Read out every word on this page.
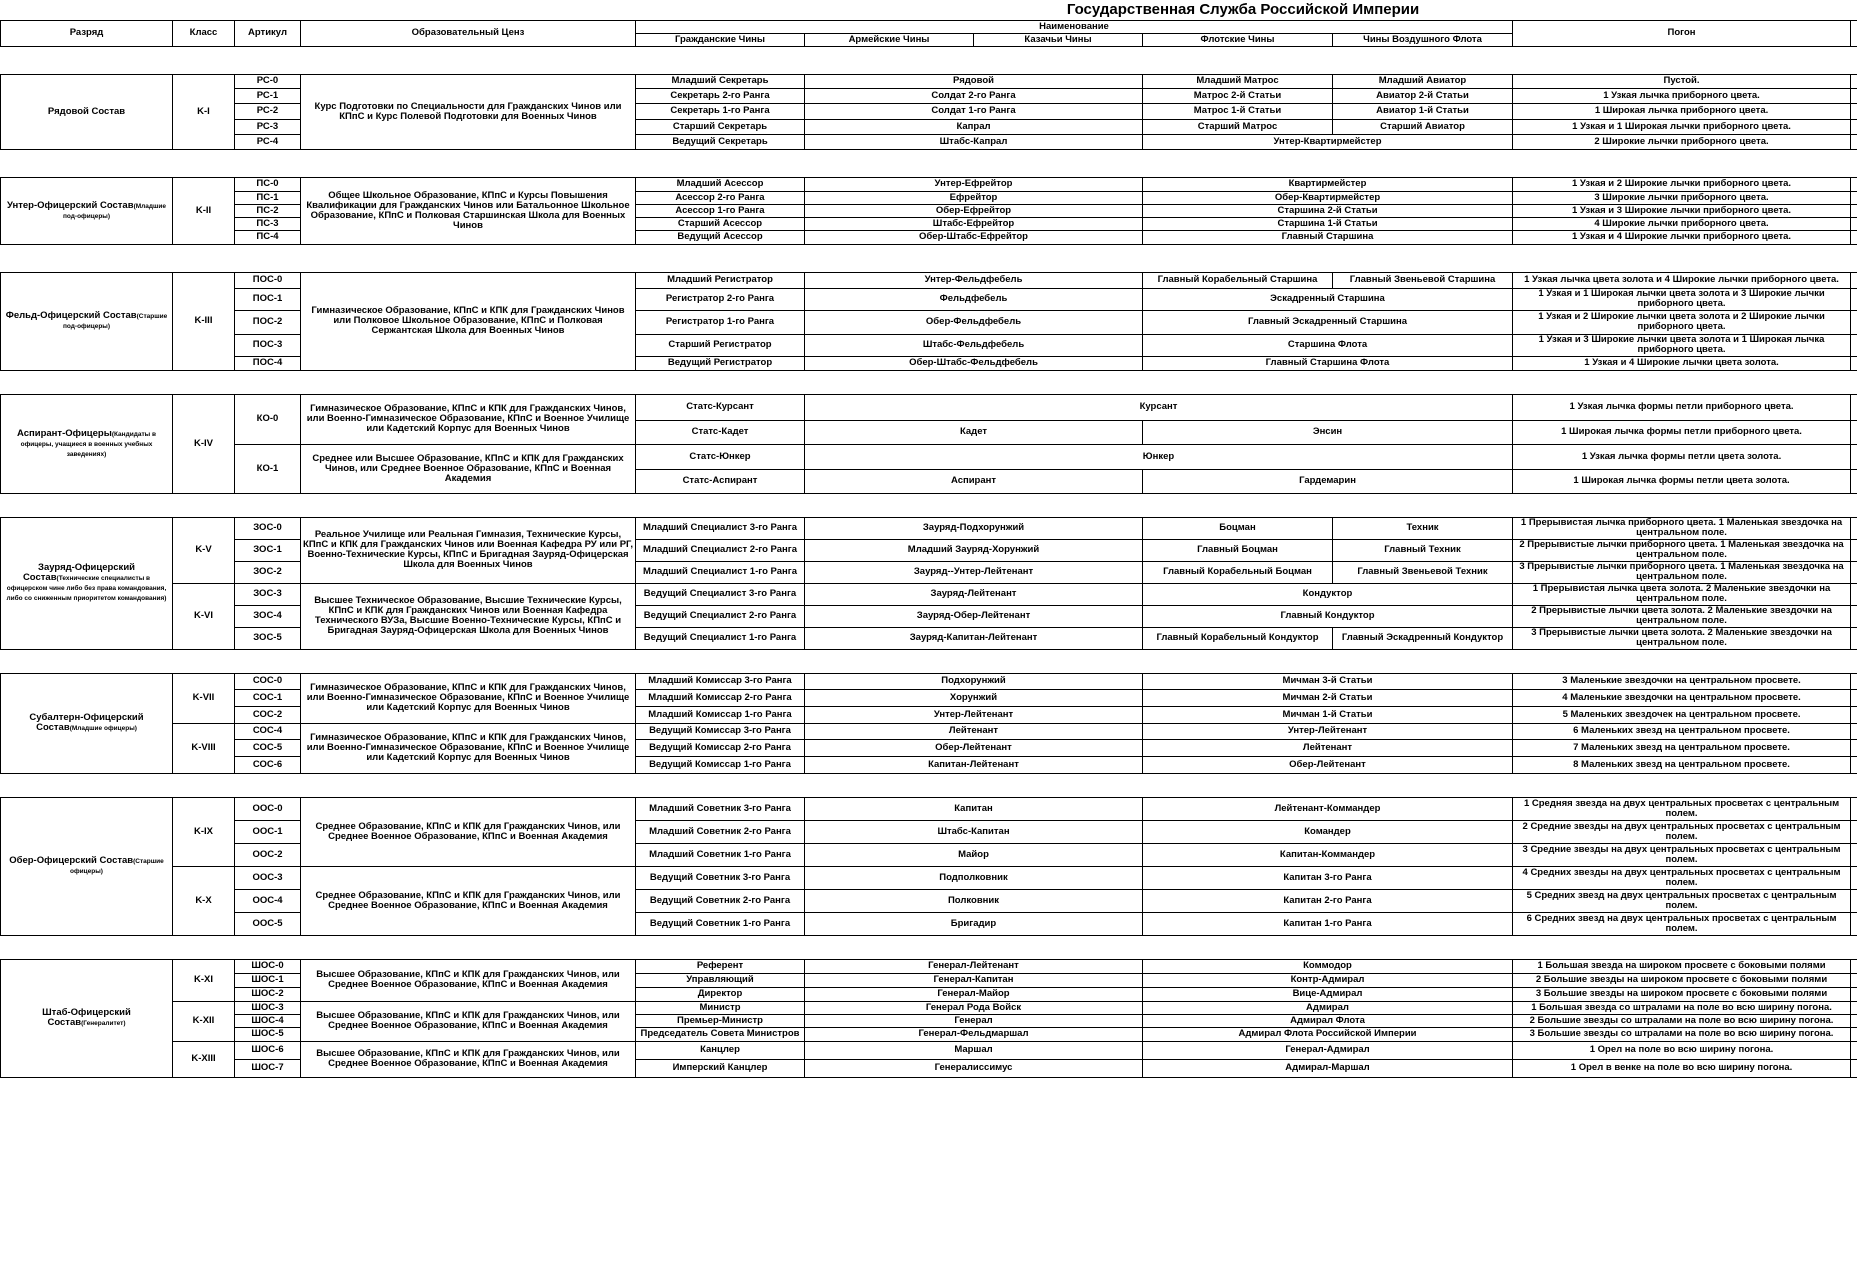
				Государственная Служба Российской Империи						
Разряд	Класс	Артикул	Образовательный Ценз	Наименование					Погон	
				Гражданские Чины	Армейские Чины	Казачьи Чины	Флотские Чины	Чины Воздушного Флота		

Рядовой Состав	K-I	РС-0	Курс Подготовки по Специальности для Гражданских Чинов или КПпС и Курс Полевой Подготовки для Военных Чинов	Младший Секретарь	Рядовой		Младший Матрос	Младший Авиатор	Пустой.	
		РС-1		Секретарь 2-го Ранга	Солдат 2-го Ранга		Матрос 2-й Статьи	Авиатор 2-й Статьи	1 Узкая лычка приборного цвета.	
		РС-2		Секретарь 1-го Ранга	Солдат 1-го Ранга		Матрос 1-й Статьи	Авиатор 1-й Статьи	1 Широкая лычка приборного цвета.	
		РС-3		Старший Секретарь	Капрал		Старший Матрос	Старший Авиатор	1 Узкая и 1 Широкая лычки приборного цвета.	
		РС-4		Ведущий Секретарь	Штабс-Капрал		Унтер-Квартирмейстер		2 Широкие лычки приборного цвета.	

Унтер-Офицерский Состав(Младшие под-офицеры)	K-II	ПС-0	Общее Школьное Образование, КПпС и Курсы Повышения Квалификации для Гражданских Чинов или Батальонное Школьное Образование, КПпС и Полковая Старшинская Школа для Военных Чинов	Младший Асессор	Унтер-Ефрейтор		Квартирмейстер		1 Узкая и 2 Широкие лычки приборного цвета.	
		ПС-1		Асессор 2-го Ранга	Ефрейтор		Обер-Квартирмейстер		3 Широкие лычки приборного цвета.	
		ПС-2		Асессор 1-го Ранга	Обер-Ефрейтор		Старшина 2-й Статьи		1 Узкая и 3 Широкие лычки приборного цвета.	
		ПС-3		Старший Асессор	Штабс-Ефрейтор		Старшина 1-й Статьи		4 Широкие лычки приборного цвета.	
		ПС-4		Ведущий Асессор	Обер-Штабс-Ефрейтор		Главный Старшина		1 Узкая и 4 Широкие лычки приборного цвета.	

Фельд-Офицерский Состав(Старшие под-офицеры)	K-III	ПОС-0	Гимназическое Образование, КПпС и КПК для Гражданских Чинов или Полковое Школьное Образование, КПпС и Полковая Сержантская Школа для Военных Чинов	Младший Регистратор	Унтер-Фельдфебель		Главный Корабельный Старшина	Главный Звеньевой Старшина	1 Узкая лычка цвета золота и 4 Широкие лычки приборного цвета.	
		ПОС-1		Регистратор 2-го Ранга	Фельдфебель		Эскадренный Старшина		1 Узкая и 1 Широкая лычки цвета золота и 3 Широкие лычки приборного цвета.	
		ПОС-2		Регистратор 1-го Ранга	Обер-Фельдфебель		Главный Эскадренный Старшина		1 Узкая и 2 Широкие лычки цвета золота и 2 Широкие лычки приборного цвета.	
		ПОС-3		Старший Регистратор	Штабс-Фельдфебель		Старшина Флота		1 Узкая и 3 Широкие лычки цвета золота и 1 Широкая лычка приборного цвета.	
		ПОС-4		Ведущий Регистратор	Обер-Штабс-Фельдфебель		Главный Старшина Флота		1 Узкая и 4 Широкие лычки цвета золота.	

Аспирант-Офицеры(Кандидаты в офицеры, учащиеся в военных учебных заведениях)	K-IV	КО-0	Гимназическое Образование, КПпС и КПК для Гражданских Чинов, или Военно-Гимназическое Образование, КПпС и Военное Училище или Кадетский Корпус для Военных Чинов	Статс-Курсант	Курсант				1 Узкая лычка формы петли приборного цвета.	
				Статс-Кадет	Кадет		Энсин		1 Широкая лычка формы петли приборного цвета.	
		КО-1	Среднее или Высшее Образование, КПпС и КПК для Гражданских Чинов, или Среднее Военное Образование, КПпС и Военная Академия	Статс-Юнкер	Юнкер				1 Узкая лычка формы петли цвета золота.	
				Статс-Аспирант	Аспирант		Гардемарин		1 Широкая лычка формы петли цвета золота.	

Зауряд-Офицерский Состав(Технические специалисты в офицерском чине либо без права командования, либо со сниженным приоритетом командования)	K-V	ЗОС-0	Реальное Училище или Реальная Гимназия, Технические Курсы, КПпС и КПК для Гражданских Чинов или Военная Кафедра РУ или РГ, Военно-Технические Курсы, КПпС и Бригадная Зауряд-Офицерская Школа для Военных Чинов	Младший Специалист 3-го Ранга	Зауряд-Подхорунжий		Боцман	Техник	1 Прерывистая лычка приборного цвета. 1 Маленькая звездочка на центральном поле.	
		ЗОС-1		Младший Специалист 2-го Ранга	Младший Зауряд-Хорунжий		Главный Боцман	Главный Техник	2 Прерывистые лычки приборного цвета. 1 Маленькая звездочка на центральном поле.	
		ЗОС-2		Младший Специалист 1-го Ранга	Зауряд--Унтер-Лейтенант		Главный Корабельный Боцман	Главный Звеньевой Техник	3 Прерывистые лычки приборного цвета. 1 Маленькая звездочка на центральном поле.	
	K-VI	ЗОС-3	Высшее Техническое Образование, Высшие Технические Курсы, КПпС и КПК для Гражданских Чинов или Военная Кафедра Технического ВУЗа, Высшие Военно-Технические Курсы, КПпС и Бригадная Зауряд-Офицерская Школа для Военных Чинов	Ведущий Специалист 3-го Ранга	Зауряд-Лейтенант		Кондуктор		1 Прерывистая лычка цвета золота. 2 Маленькие звездочки на центральном поле.	
		ЗОС-4		Ведущий Специалист 2-го Ранга	Зауряд-Обер-Лейтенант		Главный Кондуктор		2 Прерывистые лычки цвета золота. 2 Маленькие звездочки на центральном поле.	
		ЗОС-5		Ведущий Специалист 1-го Ранга	Зауряд-Капитан-Лейтенант		Главный Корабельный Кондуктор	Главный Эскадренный Кондуктор	3 Прерывистые лычки цвета золота. 2 Маленькие звездочки на центральном поле.	

Субалтерн-Офицерский Состав(Младшие офицеры)	K-VII	СОС-0	Гимназическое Образование, КПпС и КПК для Гражданских Чинов, или Военно-Гимназическое Образование, КПпС и Военное Училище или Кадетский Корпус для Военных Чинов	Младший Комиссар 3-го Ранга	Подхорунжий		Мичман 3-й Статьи		3 Маленькие звездочки на центральном просвете.	
		СОС-1		Младший Комиссар 2-го Ранга	Хорунжий		Мичман 2-й Статьи		4 Маленькие звездочки на центральном просвете.	
		СОС-2		Младший Комиссар 1-го Ранга	Унтер-Лейтенант		Мичман 1-й Статьи		5 Маленьких звездочек на центральном просвете.	
	K-VIII	СОС-4	Гимназическое Образование, КПпС и КПК для Гражданских Чинов, или Военно-Гимназическое Образование, КПпС и Военное Училище или Кадетский Корпус для Военных Чинов	Ведущий Комиссар 3-го Ранга	Лейтенант		Унтер-Лейтенант		6 Маленьких звезд на центральном просвете.	
		СОС-5		Ведущий Комиссар 2-го Ранга	Обер-Лейтенант		Лейтенант		7 Маленьких звезд на центральном просвете.	
		СОС-6		Ведущий Комиссар 1-го Ранга	Капитан-Лейтенант		Обер-Лейтенант		8 Маленьких звезд на центральном просвете.	

Обер-Офицерский Состав(Старшие офицеры)	K-IX	ООС-0	Среднее Образование, КПпС и КПК для Гражданских Чинов, или Среднее Военное Образование, КПпС и Военная Академия	Младший Советник 3-го Ранга	Капитан		Лейтенант-Коммандер		1 Средняя звезда на двух центральных просветах с центральным полем.	
		ООС-1		Младший Советник 2-го Ранга	Штабс-Капитан		Командер		2 Средние звезды на двух центральных просветах с центральным полем.	
		ООС-2		Младший Советник 1-го Ранга	Майор		Капитан-Коммандер		3 Средние звезды на двух центральных просветах с центральным полем.	
	K-X	ООС-3	Среднее Образование, КПпС и КПК для Гражданских Чинов, или Среднее Военное Образование, КПпС и Военная Академия	Ведущий Советник 3-го Ранга	Подполковник		Капитан 3-го Ранга		4 Средних звезды на двух центральных просветах с центральным полем.	
		ООС-4		Ведущий Советник 2-го Ранга	Полковник		Капитан 2-го Ранга		5 Средних звезд на двух центральных просветах с центральным полем.	
		ООС-5		Ведущий Советник 1-го Ранга	Бригадир		Капитан 1-го Ранга		6 Средних звезд на двух центральных просветах с центральным полем.	

Штаб-Офицерский Состав(Генералитет)	K-XI	ШОС-0	Высшее Образование, КПпС и КПК для Гражданских Чинов, или Среднее Военное Образование, КПпС и Военная Академия	Референт	Генерал-Лейтенант		Коммодор		1 Большая звезда на широком просвете с боковыми полями	
		ШОС-1		Управляющий	Генерал-Капитан		Контр-Адмирал		2 Большие звезды на широком просвете с боковыми полями	
		ШОС-2		Директор	Генерал-Майор		Вице-Адмирал		3 Большие звезды на широком просвете с боковыми полями	
	K-XII	ШОС-3	Высшее Образование, КПпС и КПК для Гражданских Чинов, или Среднее Военное Образование, КПпС и Военная Академия	Министр	Генерал Рода Войск		Адмирал		1 Большая звезда со штралами на поле во всю ширину погона.	
		ШОС-4		Премьер-Министр	Генерал		Адмирал Флота		2 Большие звезды со штралами на поле во всю ширину погона.	
		ШОС-5		Председатель Совета Министров	Генерал-Фельдмаршал		Адмирал Флота Российской Империи		3 Большие звезды со штралами на поле во всю ширину погона.	
	K-XIII	ШОС-6	Высшее Образование, КПпС и КПК для Гражданских Чинов, или Среднее Военное Образование, КПпС и Военная Академия	Канцлер	Маршал		Генерал-Адмирал		1 Орел на поле во всю ширину погона.	
		ШОС-7		Имперский Канцлер	Генералиссимус		Адмирал-Маршал		1 Орел в венке на поле во всю ширину погона.	
